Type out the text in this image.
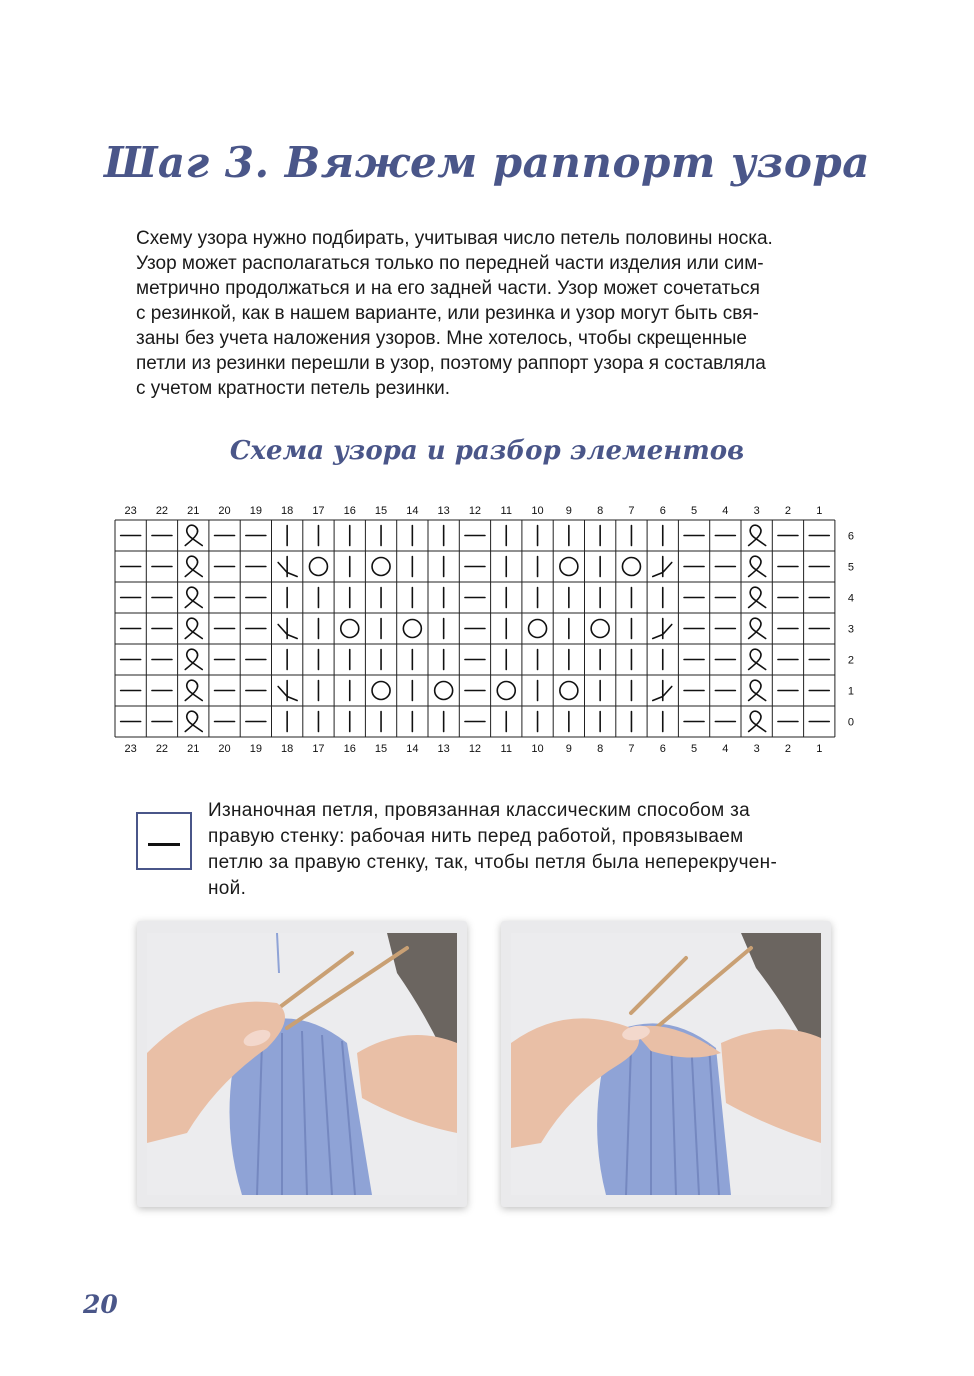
Шаг 3. Вяжем раппорт узора
Схему узора нужно подбирать, учитывая число петель половины носка.
Узор может располагаться только по передней части изделия или сим-
метрично продолжаться и на его задней части. Узор может сочетаться
с резинкой, как в нашем варианте, или резинка и узор могут быть свя-
заны без учета наложения узоров. Мне хотелось, чтобы скрещенные
петли из резинки перешли в узор, поэтому раппорт узора я составляла
с учетом кратности петель резинки.
Схема узора и разбор элементов
23
23
22
22
21
21
20
20
19
19
18
18
17
17
16
16
15
15
14
14
13
13
12
12
11
11
10
10
9
9
8
8
7
7
6
6
5
5
4
4
3
3
2
2
1
1
6
5
4
3
2
1
0
Изнаночная петля, провязанная классическим способом за
правую стенку: рабочая нить перед работой, провязываем
петлю за правую стенку, так, чтобы петля была неперекручен-
ной.
20
